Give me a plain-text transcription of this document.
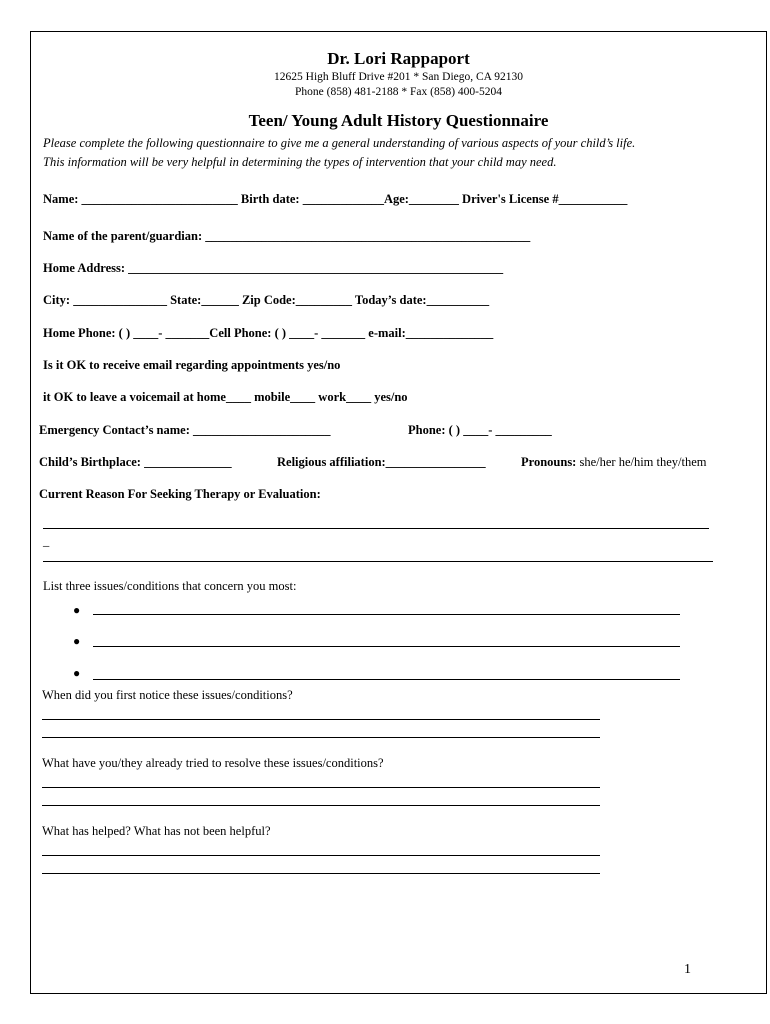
Dr. Lori Rappaport
12625 High Bluff Drive #201 * San Diego, CA 92130
Phone (858) 481-2188 * Fax (858) 400-5204
Teen/ Young Adult History Questionnaire
Please complete the following questionnaire to give me a general understanding of various aspects of your child’s life.
This information will be very helpful in determining the types of intervention that your child may need.
Name: _________________________ Birth date: _____________Age:________ Driver's License #___________
Name of the parent/guardian: ____________________________________________________
Home Address: ____________________________________________________________
City: _______________ State:______ Zip Code:_________ Today’s date:__________
Home Phone: ( ) ____- _______Cell Phone: ( ) ____- _______ e-mail:______________
Is it OK to receive email regarding appointments yes/no
it OK to leave a voicemail at home____ mobile____ work____ yes/no
Emergency Contact’s name: ______________________	Phone: ( ) ____- _________
Child’s Birthplace: ______________	Religious affiliation:________________	Pronouns: she/her he/him they/them
Current Reason For Seeking Therapy or Evaluation:
_
List three issues/conditions that concern you most:
●
●
●
When did you first notice these issues/conditions?
What have you/they already tried to resolve these issues/conditions?
What has helped? What has not been helpful?
1
